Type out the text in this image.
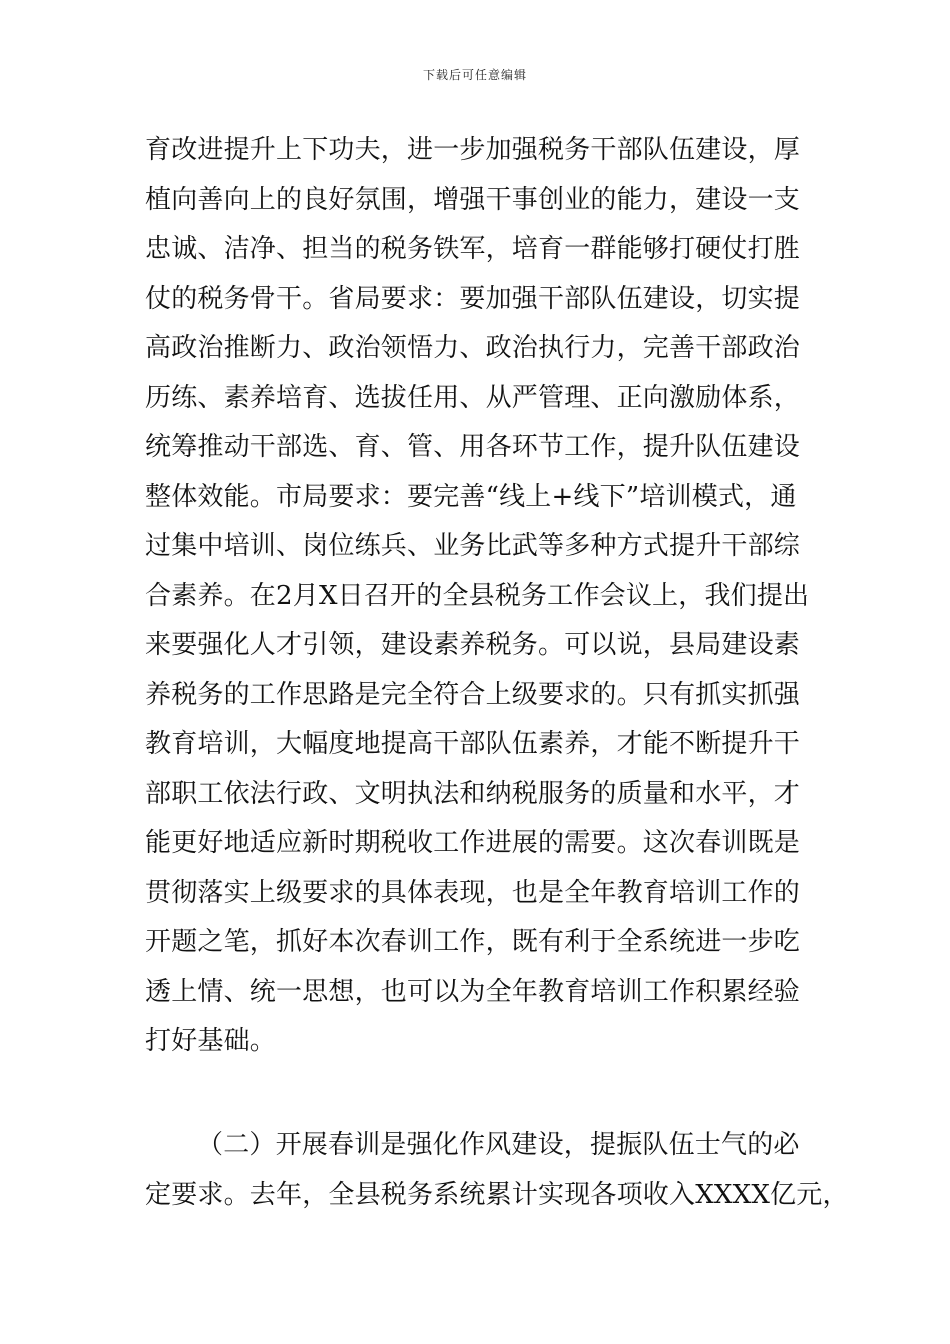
下载后可任意编辑
育改进提升上下功夫，进一步加强税务干部队伍建设，厚
植向善向上的良好氛围，增强干事创业的能力，建设一支
忠诚、洁净、担当的税务铁军，培育一群能够打硬仗打胜
仗的税务骨干。省局要求：要加强干部队伍建设，切实提
高政治推断力、政治领悟力、政治执行力，完善干部政治
历练、素养培育、选拔任用、从严管理、正向激励体系，
统筹推动干部选、育、管、用各环节工作，提升队伍建设
整体效能。市局要求：要完善“线上+线下”培训模式，通
过集中培训、岗位练兵、业务比武等多种方式提升干部综
合素养。在2月X日召开的全县税务工作会议上，我们提出
来要强化人才引领，建设素养税务。可以说，县局建设素
养税务的工作思路是完全符合上级要求的。只有抓实抓强
教育培训，大幅度地提高干部队伍素养，才能不断提升干
部职工依法行政、文明执法和纳税服务的质量和水平，才
能更好地适应新时期税收工作进展的需要。这次春训既是
贯彻落实上级要求的具体表现，也是全年教育培训工作的
开题之笔，抓好本次春训工作，既有利于全系统进一步吃
透上情、统一思想，也可以为全年教育培训工作积累经验
打好基础。
（二）开展春训是强化作风建设，提振队伍士气的必
定要求。去年，全县税务系统累计实现各项收入XXXX亿元，
